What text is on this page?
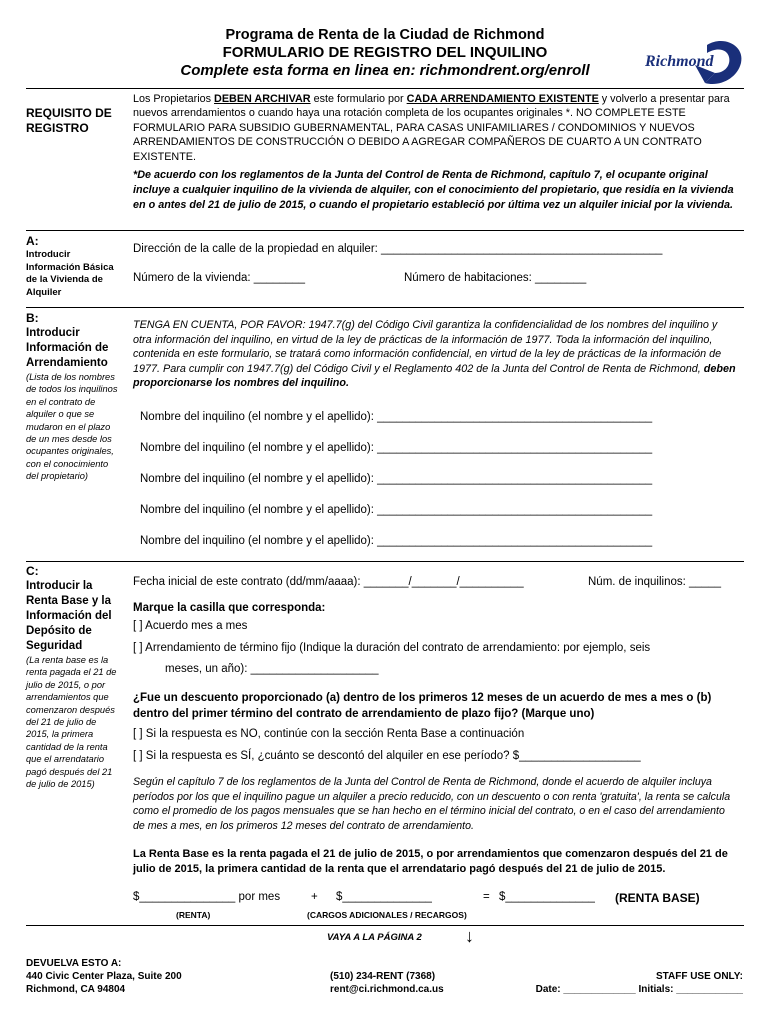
Programa de Renta de la Ciudad de Richmond
FORMULARIO DE REGISTRO DEL INQUILINO
Complete esta forma en linea en: richmondrent.org/enroll
Richmond
REQUISITO DE REGISTRO
Los Propietarios DEBEN ARCHIVAR este formulario por CADA ARRENDAMIENTO EXISTENTE y volverlo a presentar para nuevos arrendamientos o cuando haya una rotación completa de los ocupantes originales *. NO COMPLETE ESTE FORMULARIO PARA SUBSIDIO GUBERNAMENTAL, PARA CASAS UNIFAMILIARES / CONDOMINIOS Y NUEVOS ARRENDAMIENTOS DE CONSTRUCCIÓN O DEBIDO A AGREGAR COMPAÑEROS DE CUARTO A UN CONTRATO EXISTENTE.
*De acuerdo con los reglamentos de la Junta del Control de Renta de Richmond, capítulo 7, el ocupante original incluye a cualquier inquilino de la vivienda de alquiler, con el conocimiento del propietario, que residía en la vivienda en o antes del 21 de julio de 2015, o cuando el propietario estableció por última vez un alquiler inicial por la vivienda.
A:
Introducir Información Básica de la Vivienda de Alquiler
Dirección de la calle de la propiedad en alquiler: ____________________________________________
Número de la vivienda: ________	Número de habitaciones: ________
B:
Introducir Información de Arrendamiento
(Lista de los nombres de todos los inquilinos en el contrato de alquiler o que se mudaron en el plazo de un mes desde los ocupantes originales, con el conocimiento del propietario)
TENGA EN CUENTA, POR FAVOR: 1947.7(g) del Código Civil garantiza la confidencialidad de los nombres del inquilino y otra información del inquilino, en virtud de la ley de prácticas de la información de 1977. Toda la información del inquilino, contenida en este formulario, se tratará como información confidencial, en virtud de la ley de prácticas de la información de 1977. Para cumplir con 1947.7(g) del Código Civil y el Reglamento 402 de la Junta del Control de Renta de Richmond, deben proporcionarse los nombres del inquilino.
Nombre del inquilino (el nombre y el apellido): ___________________________________________
Nombre del inquilino (el nombre y el apellido): ___________________________________________
Nombre del inquilino (el nombre y el apellido): ___________________________________________
Nombre del inquilino (el nombre y el apellido): ___________________________________________
Nombre del inquilino (el nombre y el apellido): ___________________________________________
C:
Introducir la Renta Base y la Información del Depósito de Seguridad
(La renta base es la renta pagada el 21 de julio de 2015, o por arrendamientos que comenzaron después del 21 de julio de 2015, la primera cantidad de la renta que el arrendatario pagó después del 21 de julio de 2015)
Fecha inicial de este contrato (dd/mm/aaaa): _______/_______/__________	Núm. de inquilinos: _____
Marque la casilla que corresponda:
[ ] Acuerdo mes a mes
[ ] Arrendamiento de término fijo (Indique la duración del contrato de arrendamiento: por ejemplo, seis
meses, un año): ____________________
¿Fue un descuento proporcionado (a) dentro de los primeros 12 meses de un acuerdo de mes a mes o (b) dentro del primer término del contrato de arrendamiento de plazo fijo? (Marque uno)
[ ] Si la respuesta es NO, continúe con la sección Renta Base a continuación
[ ] Si la respuesta es SÍ, ¿cuánto se descontó del alquiler en ese período? $___________________
Según el capítulo 7 de los reglamentos de la Junta del Control de Renta de Richmond, donde el acuerdo de alquiler incluya períodos por los que el inquilino pague un alquiler a precio reducido, con un descuento o con renta 'gratuita', la renta se calcula como el promedio de los pagos mensuales que se han hecho en el término inicial del contrato, o en el caso del arrendamiento de mes a mes, en los primeros 12 meses del contrato de arrendamiento.
La Renta Base es la renta pagada el 21 de julio de 2015, o por arrendamientos que comenzaron después del 21 de julio de 2015, la primera cantidad de la renta que el arrendatario pagó después del 21 de julio de 2015.
$_______________ por mes	+ $______________	= $______________ (RENTA BASE)
(RENTA)	(CARGOS ADICIONALES / RECARGOS)
VAYA A LA PÁGINA 2 ↓
DEVUELVA ESTO A:
440 Civic Center Plaza, Suite 200
Richmond, CA 94804
(510) 234-RENT (7368)
rent@ci.richmond.ca.us
STAFF USE ONLY:
Date: _____________ Initials: ____________
